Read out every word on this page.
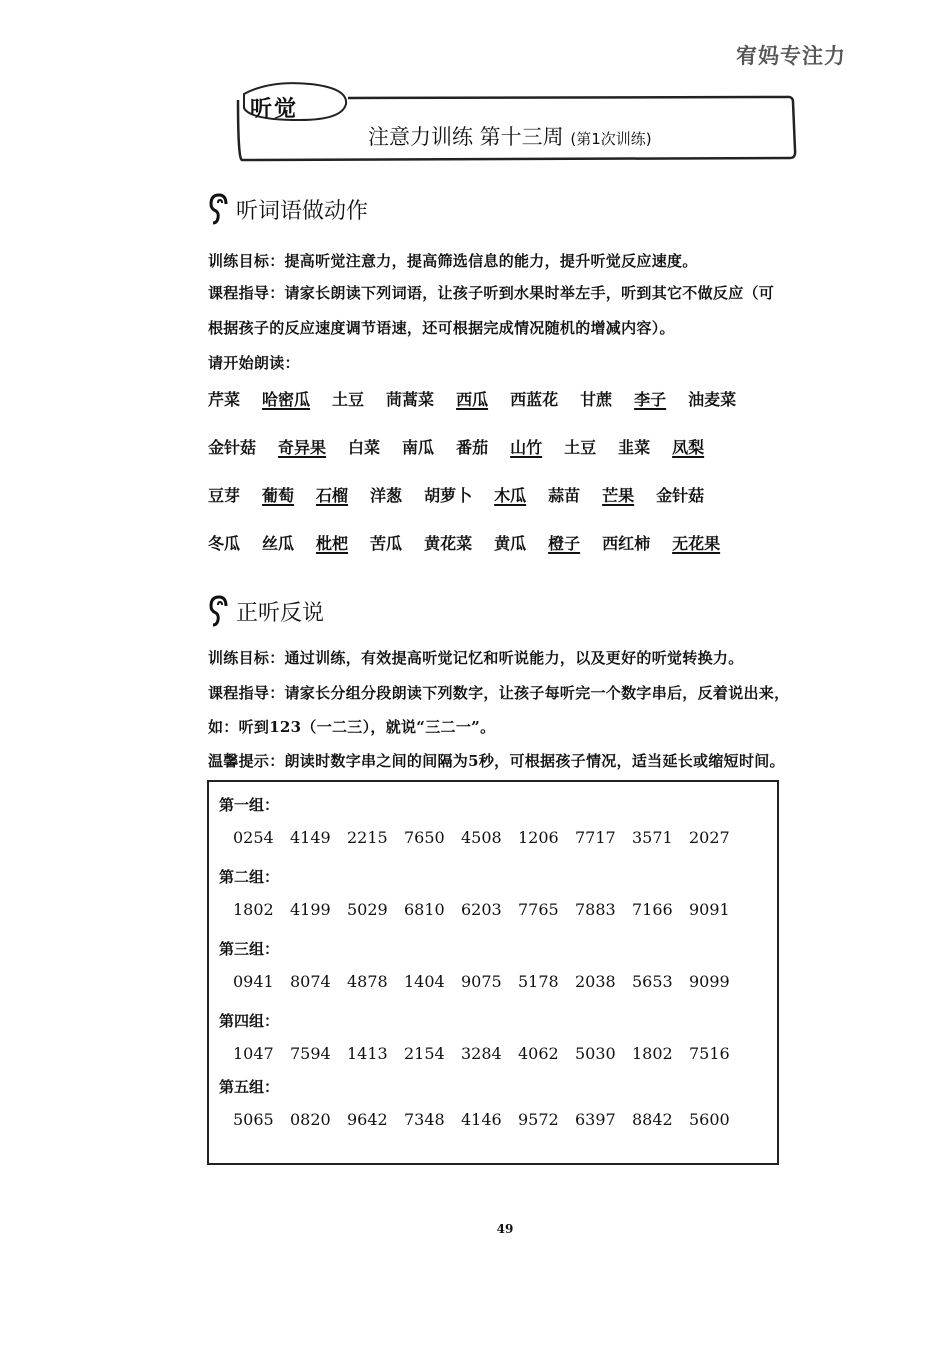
宥妈专注力
听觉
注意力训练 第十三周 (第1次训练)
听词语做动作
训练目标：提高听觉注意力，提高筛选信息的能力，提升听觉反应速度。
课程指导：请家长朗读下列词语，让孩子听到水果时举左手，听到其它不做反应（可
根据孩子的反应速度调节语速，还可根据完成情况随机的增减内容）。
请开始朗读：
芹菜 哈密瓜 土豆 茼蒿菜 西瓜 西蓝花 甘蔗 李子 油麦菜
金针菇 奇异果 白菜 南瓜 番茄 山竹 土豆 韭菜 凤梨
豆芽 葡萄 石榴 洋葱 胡萝卜 木瓜 蒜苗 芒果 金针菇
冬瓜 丝瓜 枇杷 苦瓜 黄花菜 黄瓜 橙子 西红柿 无花果
正听反说
训练目标：通过训练，有效提高听觉记忆和听说能力，以及更好的听觉转换力。
课程指导：请家长分组分段朗读下列数字，让孩子每听完一个数字串后，反着说出来，
如：听到123（一二三），就说“三二一”。
温馨提示：朗读时数字串之间的间隔为5秒，可根据孩子情况，适当延长或缩短时间。
第一组：
0254	4149	2215	7650	4508	1206	7717	3571	2027
第二组：
1802	4199	5029	6810	6203	7765	7883	7166	9091
第三组：
0941	8074	4878	1404	9075	5178	2038	5653	9099
第四组：
1047	7594	1413	2154	3284	4062	5030	1802	7516
第五组：
5065	0820	9642	7348	4146	9572	6397	8842	5600
49
